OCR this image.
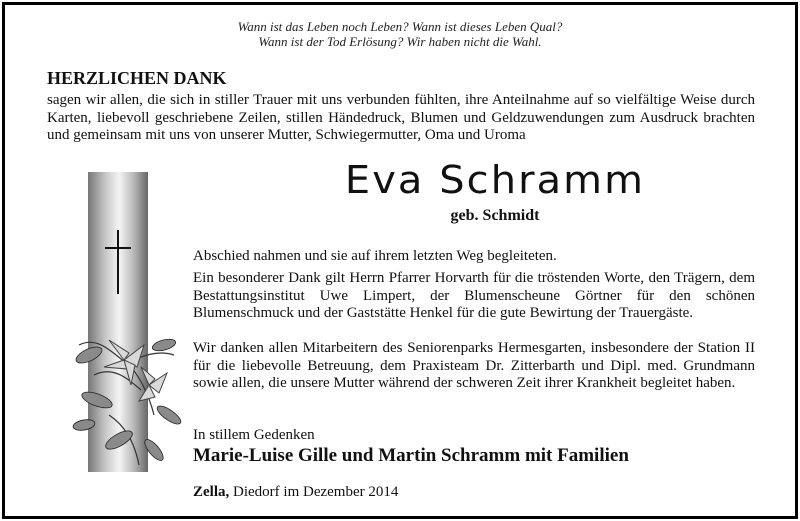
Wann ist das Leben noch Leben? Wann ist dieses Leben Qual?
Wann ist der Tod Erlösung? Wir haben nicht die Wahl.
HERZLICHEN DANK
sagen wir allen, die sich in stiller Trauer mit uns verbunden fühlten, ihre Anteilnahme auf so vielfältige Weise durch Karten, liebevoll geschriebene Zeilen, stillen Händedruck, Blumen und Geldzuwendungen zum Ausdruck brachten und gemeinsam mit uns von unserer Mutter, Schwiegermutter, Oma und Uroma
Eva Schramm
geb. Schmidt
Abschied nahmen und sie auf ihrem letzten Weg begleiteten.
Ein besonderer Dank gilt Herrn Pfarrer Horvarth für die tröstenden Worte, den Trägern, dem Bestattungsinstitut Uwe Limpert, der Blumenscheune Görtner für den schönen Blumenschmuck und der Gaststätte Henkel für die gute Bewirtung der Trauergäste.
Wir danken allen Mitarbeitern des Seniorenparks Hermesgarten, insbesondere der Station II für die liebevolle Betreuung, dem Praxisteam Dr. Zitterbarth und Dipl. med. Grundmann sowie allen, die unsere Mutter während der schweren Zeit ihrer Krankheit begleitet haben.
In stillem Gedenken
Marie-Luise Gille und Martin Schramm mit Familien
Zella, Diedorf im Dezember 2014
